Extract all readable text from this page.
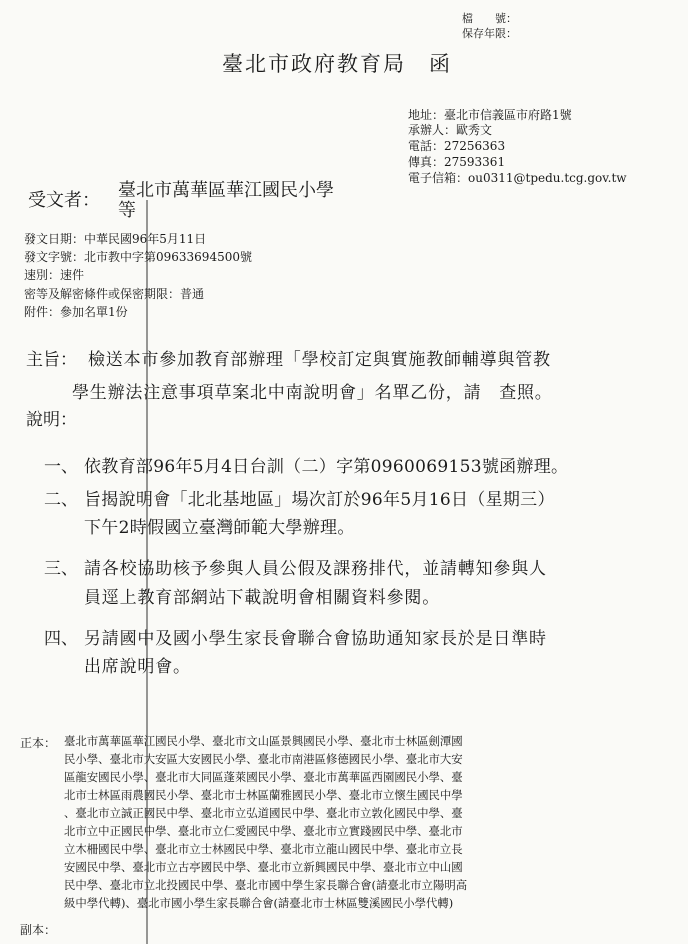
檔　　號：
保存年限：
臺北市政府教育局　函
地址：臺北市信義區市府路1號
承辦人：歐秀文
電話：27256363
傳真：27593361
電子信箱：ou0311@tpedu.tcg.gov.tw
受文者： 臺北市萬華區華江國民小學
等
發文日期：中華民國96年5月11日
發文字號：北市教中字第09633694500號
速別：速件
密等及解密條件或保密期限：普通
附件：參加名單1份
主旨： 檢送本市參加教育部辦理「學校訂定與實施教師輔導與管教
學生辦法注意事項草案北中南說明會」名單乙份，請　查照。
說明：
一、 依教育部96年5月4日台訓（二）字第0960069153號函辦理。
二、 旨揭說明會「北北基地區」場次訂於96年5月16日（星期三）
下午2時假國立臺灣師範大學辦理。
三、 請各校協助核予參與人員公假及課務排代，並請轉知參與人
員逕上教育部網站下載說明會相關資料參閱。
四、 另請國中及國小學生家長會聯合會協助通知家長於是日準時
出席說明會。
正本： 臺北市萬華區華江國民小學、臺北市文山區景興國民小學、臺北市士林區劍潭國
民小學、臺北市大安區大安國民小學、臺北市南港區修德國民小學、臺北市大安
區龍安國民小學、臺北市大同區蓬萊國民小學、臺北市萬華區西園國民小學、臺
北市士林區雨農國民小學、臺北市士林區蘭雅國民小學、臺北市立懷生國民中學
、臺北市立誠正國民中學、臺北市立弘道國民中學、臺北市立敦化國民中學、臺
北市立中正國民中學、臺北市立仁愛國民中學、臺北市立實踐國民中學、臺北市
立木柵國民中學、臺北市立士林國民中學、臺北市立龍山國民中學、臺北市立長
安國民中學、臺北市立古亭國民中學、臺北市立新興國民中學、臺北市立中山國
民中學、臺北市立北投國民中學、臺北市國中學生家長聯合會(請臺北市立陽明高
級中學代轉)、臺北市國小學生家長聯合會(請臺北市士林區雙溪國民小學代轉)
副本：
